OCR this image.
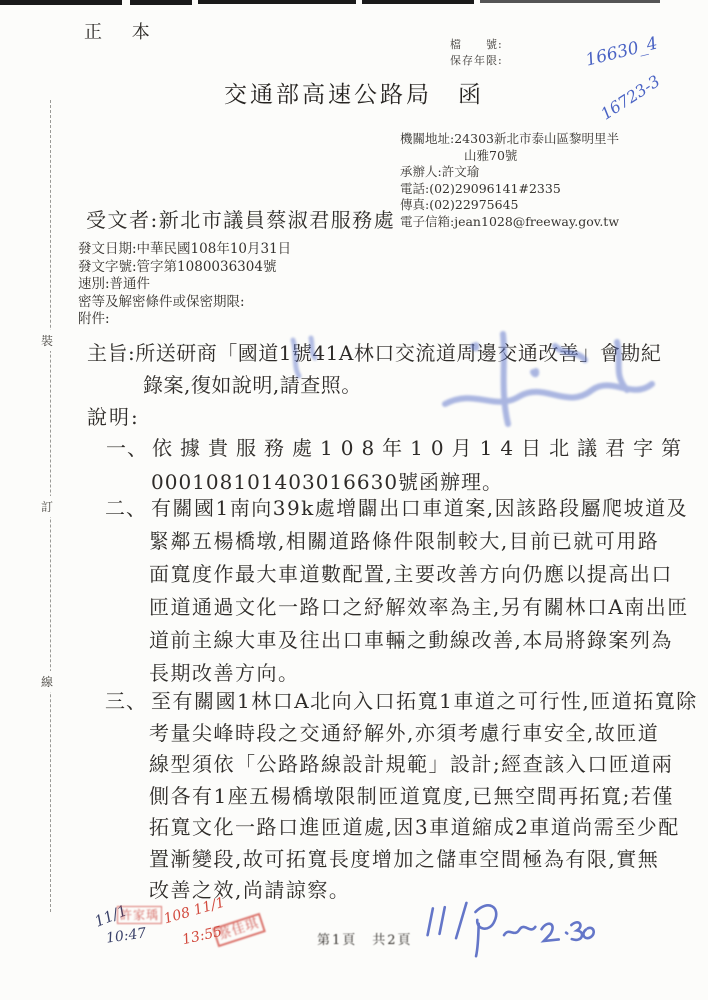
裝
訂
線
正 本
檔　　號:
保存年限:	16630_4
16723-3
交通部高速公路局　函
機關地址:24303新北市泰山區黎明里半
山雅70號
承辦人:許文瑜
電話:(02)29096141#2335
傳真:(02)22975645
電子信箱:jean1028@freeway.gov.tw
受文者:新北市議員蔡淑君服務處
發文日期:中華民國108年10月31日
發文字號:管字第1080036304號
速別:普通件
密等及解密條件或保密期限:
附件:
主旨:所送研商「國道1號41A林口交流道周邊交通改善」會勘紀
錄案,復如說明,請查照。
說明:
一、 依據貴服務處108年10月14日北議君字第
000108101403016630號函辦理。
二、 有關國1南向39k處增闢出口車道案,因該路段屬爬坡道及
緊鄰五楊橋墩,相關道路條件限制較大,目前已就可用路
面寬度作最大車道數配置,主要改善方向仍應以提高出口
匝道通過文化一路口之紓解效率為主,另有關林口A南出匝
道前主線大車及往出口車輛之動線改善,本局將錄案列為
長期改善方向。
三、 至有關國1林口A北向入口拓寬1車道之可行性,匝道拓寬除
考量尖峰時段之交通紓解外,亦須考慮行車安全,故匝道
線型須依「公路路線設計規範」設計;經查該入口匝道兩
側各有1座五楊橋墩限制匝道寬度,已無空間再拓寬;若僅
拓寬文化一路口進匝道處,因3車道縮成2車道尚需至少配
置漸變段,故可拓寬長度增加之儲車空間極為有限,實無
改善之效,尚請諒察。
11/1
10:47
許家瑀 108 11/1
13:55
蔡佳琪	第1頁　共2頁
